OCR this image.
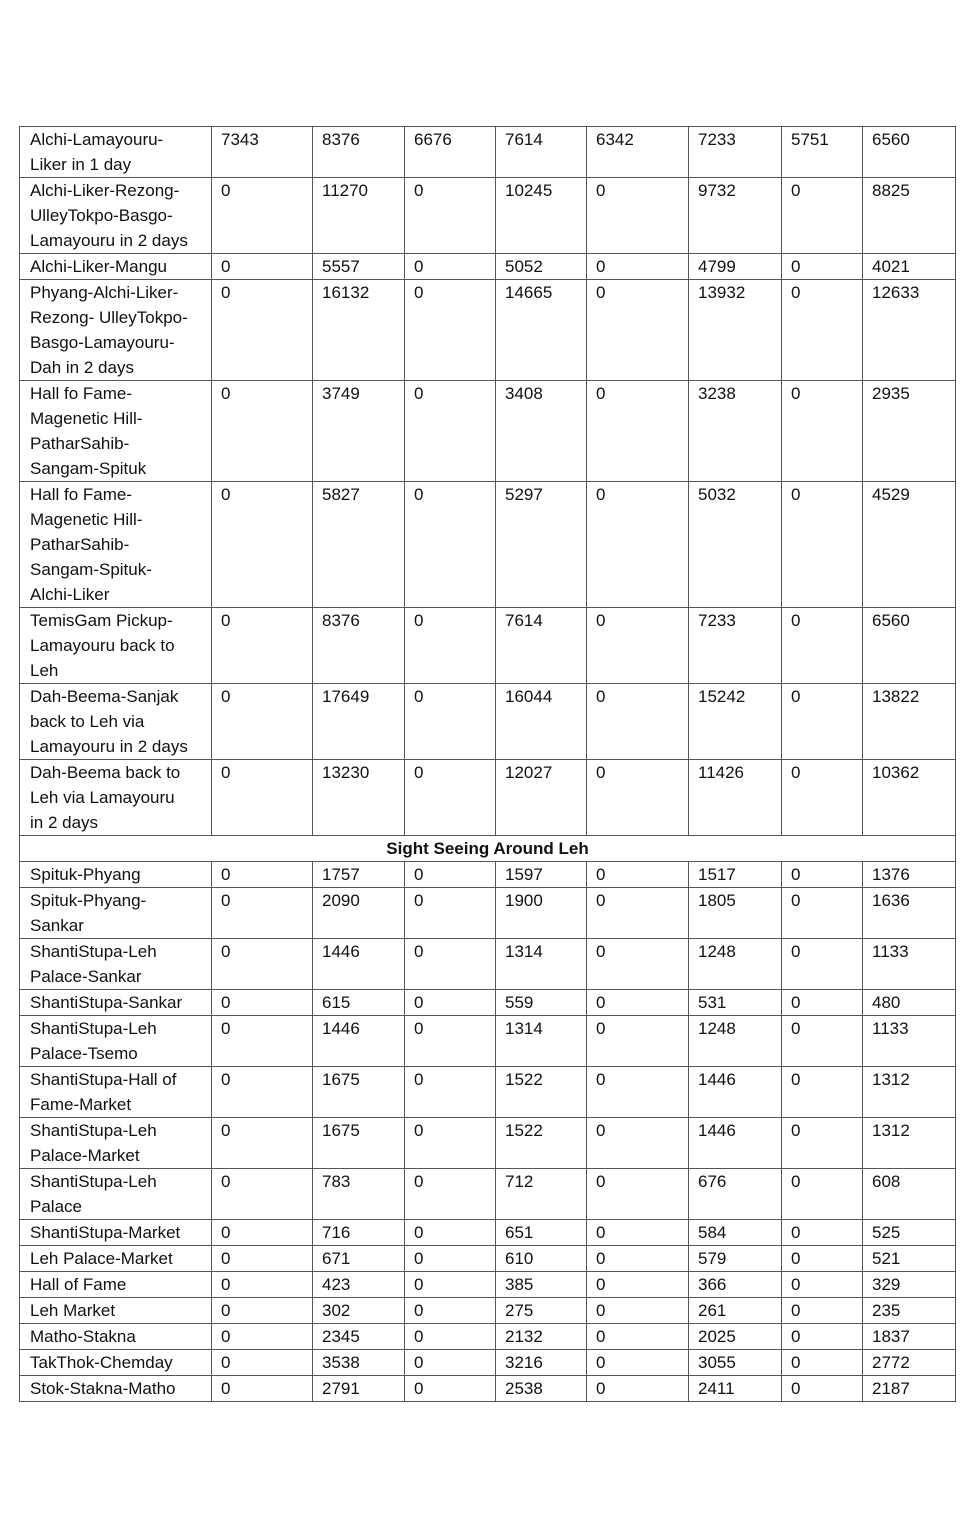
Alchi-Lamayouru-
Liker in 1 day	7343	8376	6676	7614	6342	7233	5751	6560
Alchi-Liker-Rezong-
UlleyTokpo-Basgo-
Lamayouru in 2 days	0	11270	0	10245	0	9732	0	8825
Alchi-Liker-Mangu	0	5557	0	5052	0	4799	0	4021
Phyang-Alchi-Liker-
Rezong- UlleyTokpo-
Basgo-Lamayouru-
Dah in 2 days	0	16132	0	14665	0	13932	0	12633
Hall fo Fame-
Magenetic Hill-
PatharSahib-
Sangam-Spituk	0	3749	0	3408	0	3238	0	2935
Hall fo Fame-
Magenetic Hill-
PatharSahib-
Sangam-Spituk-
Alchi-Liker	0	5827	0	5297	0	5032	0	4529
TemisGam Pickup-
Lamayouru back to
Leh	0	8376	0	7614	0	7233	0	6560
Dah-Beema-Sanjak
back to Leh via
Lamayouru in 2 days	0	17649	0	16044	0	15242	0	13822
Dah-Beema back to
Leh via Lamayouru
in 2 days	0	13230	0	12027	0	11426	0	10362
Sight Seeing Around Leh								
Spituk-Phyang	0	1757	0	1597	0	1517	0	1376
Spituk-Phyang-
Sankar	0	2090	0	1900	0	1805	0	1636
ShantiStupa-Leh
Palace-Sankar	0	1446	0	1314	0	1248	0	1133
ShantiStupa-Sankar	0	615	0	559	0	531	0	480
ShantiStupa-Leh
Palace-Tsemo	0	1446	0	1314	0	1248	0	1133
ShantiStupa-Hall of
Fame-Market	0	1675	0	1522	0	1446	0	1312
ShantiStupa-Leh
Palace-Market	0	1675	0	1522	0	1446	0	1312
ShantiStupa-Leh
Palace	0	783	0	712	0	676	0	608
ShantiStupa-Market	0	716	0	651	0	584	0	525
Leh Palace-Market	0	671	0	610	0	579	0	521
Hall of Fame	0	423	0	385	0	366	0	329
Leh Market	0	302	0	275	0	261	0	235
Matho-Stakna	0	2345	0	2132	0	2025	0	1837
TakThok-Chemday	0	3538	0	3216	0	3055	0	2772
Stok-Stakna-Matho	0	2791	0	2538	0	2411	0	2187
